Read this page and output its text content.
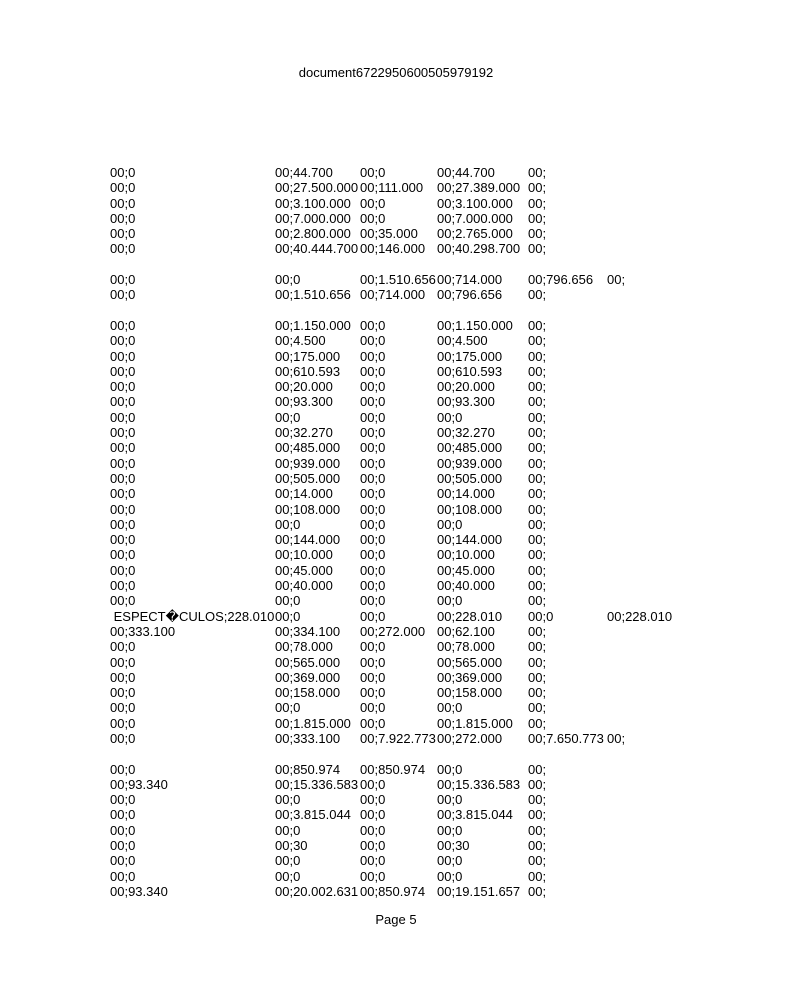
document6722950600505979192
00;0	00;44.700 00;0	00;44.700	00;
00;0	00;27.500.000 00;111.000 00;27.389.000 00;
00;0	00;3.100.000 00;0	00;3.100.000 00;
00;0	00;7.000.000 00;0	00;7.000.000 00;
00;0	00;2.800.000 00;35.000 00;2.765.000 00;
00;0	00;40.444.700 00;146.000 00;40.298.700 00;
00;0	00;0	00;1.510.656 00;714.000 00;796.656 00;
00;0	00;1.510.656 00;714.000 00;796.656 00;
00;0	00;1.150.000 00;0	00;1.150.000 00;
00;0	00;4.500	00;0	00;4.500	00;
00;0	00;175.000 00;0	00;175.000 00;
00;0	00;610.593 00;0	00;610.593 00;
00;0	00;20.000 00;0	00;20.000	00;
00;0	00;93.300 00;0	00;93.300	00;
00;0	00;0	00;0	00;0	00;
00;0	00;32.270 00;0	00;32.270	00;
00;0	00;485.000 00;0	00;485.000 00;
00;0	00;939.000 00;0	00;939.000 00;
00;0	00;505.000 00;0	00;505.000 00;
00;0	00;14.000 00;0	00;14.000	00;
00;0	00;108.000 00;0	00;108.000 00;
00;0	00;0	00;0	00;0	00;
00;0	00;144.000 00;0	00;144.000 00;
00;0	00;10.000 00;0	00;10.000	00;
00;0	00;45.000 00;0	00;45.000	00;
00;0	00;40.000 00;0	00;40.000	00;
00;0	00;0	00;0	00;0	00;
ESPECT�CULOS;228.010 00;0	00;0	00;228.010 00;0	00;228.010
00;333.100	00;334.100 00;272.000 00;62.100	00;
00;0	00;78.000 00;0	00;78.000	00;
00;0	00;565.000 00;0	00;565.000 00;
00;0	00;369.000 00;0	00;369.000 00;
00;0	00;158.000 00;0	00;158.000 00;
00;0	00;0	00;0	00;0	00;
00;0	00;1.815.000 00;0	00;1.815.000 00;
00;0	00;333.100 00;7.922.773 00;272.000 00;7.650.773 00;
00;0	00;850.974 00;850.974 00;0	00;
00;93.340	00;15.336.583 00;0	00;15.336.583 00;
00;0	00;0	00;0	00;0	00;
00;0	00;3.815.044 00;0	00;3.815.044 00;
00;0	00;0	00;0	00;0	00;
00;0	00;30	00;0	00;30	00;
00;0	00;0	00;0	00;0	00;
00;0	00;0	00;0	00;0	00;
00;93.340	00;20.002.631 00;850.974 00;19.151.657 00;
Page 5
